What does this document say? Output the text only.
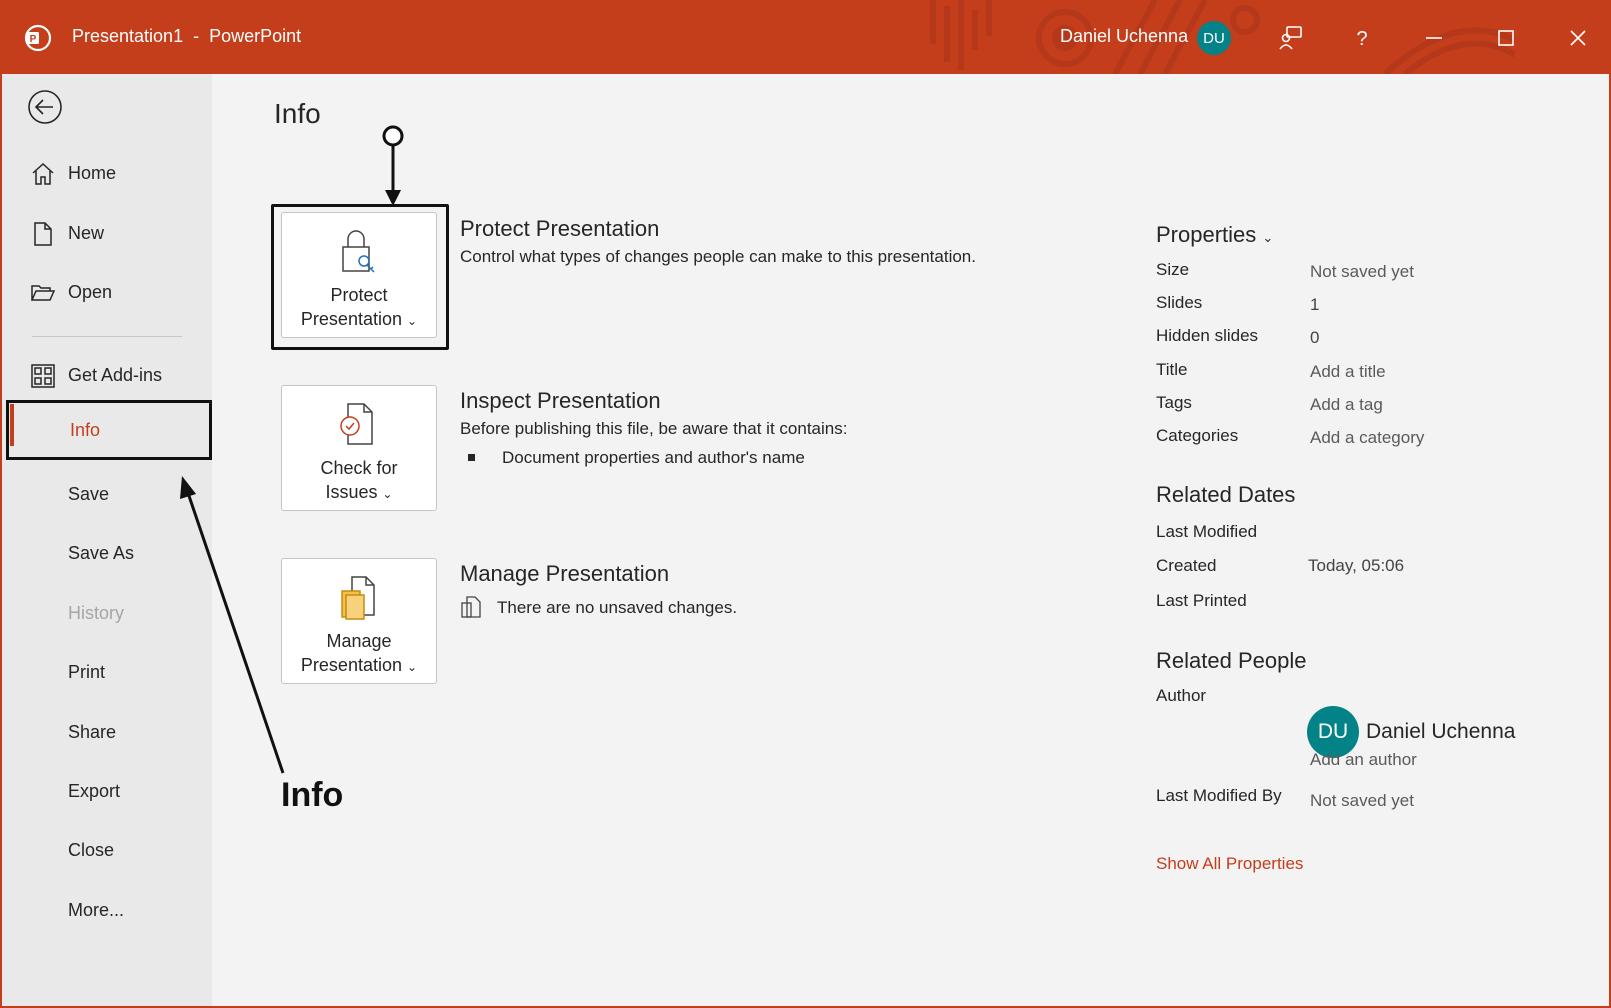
P Presentation1  -  PowerPoint	Daniel Uchenna	DU	?
Home
New
Open
Get Add-ins
Info
Save
Save As
History
Print
Share
Export
Close
More...
Info
Protect
Presentation ⌄
Protect Presentation
Control what types of changes people can make to this presentation.
Check for
Issues ⌄
Inspect Presentation
Before publishing this file, be aware that it contains:
Document properties and author's name
Manage
Presentation ⌄
Manage Presentation
There are no unsaved changes.
Properties ⌄
Size	Not saved yet
Slides	1
Hidden slides	0
Title	Add a title
Tags	Add a tag
Categories	Add a category
Related Dates
Last Modified
Created	Today, 05:06
Last Printed
Related People
Author
DU Daniel Uchenna
Add an author
Last Modified By Not saved yet
Show All Properties
Info
